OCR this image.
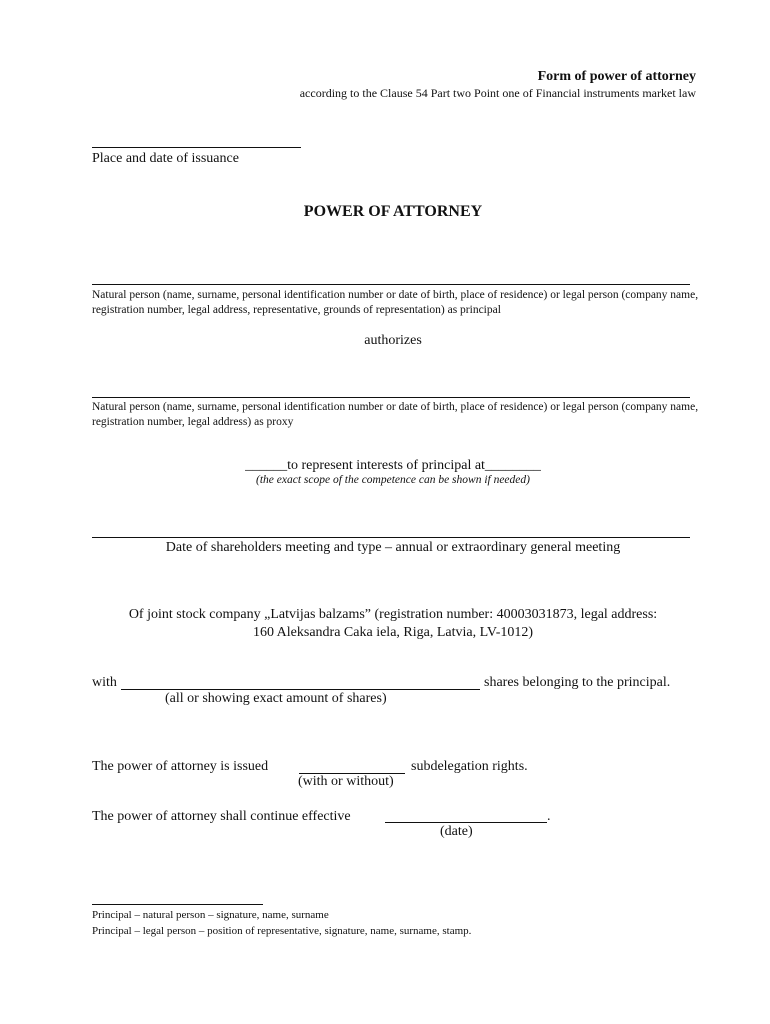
Form of power of attorney
according to the Clause 54 Part two Point one of Financial instruments market law
Place and date of issuance
POWER OF ATTORNEY
Natural person (name, surname, personal identification number or date of birth, place of residence) or legal person (company name, registration number, legal address, representative, grounds of representation) as principal
authorizes
Natural person (name, surname, personal identification number or date of birth, place of residence) or legal person (company name, registration number, legal address) as proxy
______to represent interests of principal at________
(the exact scope of the competence can be shown if needed)
Date of shareholders meeting and type – annual or extraordinary general meeting
Of joint stock company „Latvijas balzams” (registration number: 40003031873, legal address:
160 Aleksandra Caka iela, Riga, Latvia, LV-1012)
with	shares belonging to the principal.
(all or showing exact amount of shares)
The power of attorney is issued	subdelegation rights.
(with or without)
The power of attorney shall continue effective	.
(date)
Principal – natural person – signature, name, surname
Principal – legal person – position of representative, signature, name, surname, stamp.
